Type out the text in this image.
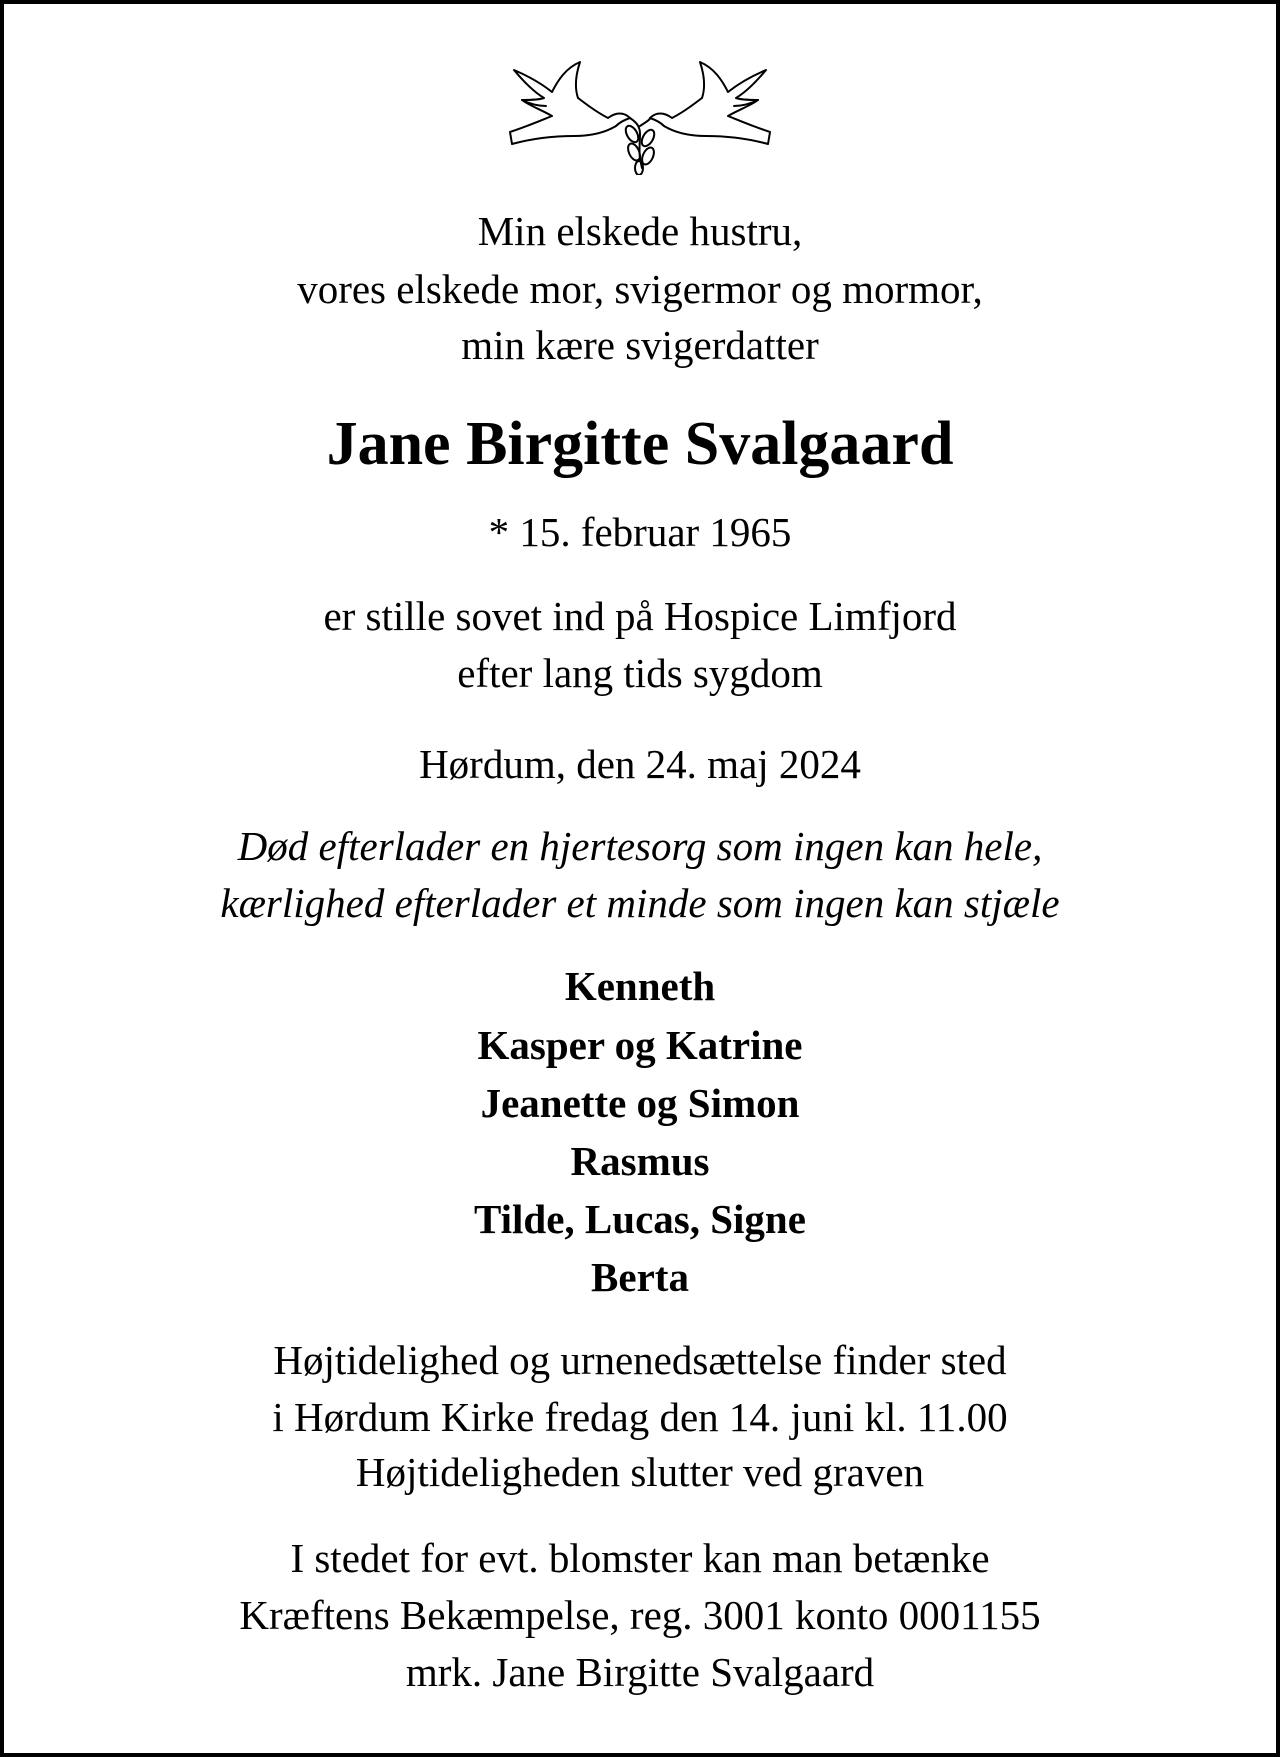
Min elskede hustru,
vores elskede mor, svigermor og mormor,
min kære svigerdatter
Jane Birgitte Svalgaard
* 15. februar 1965
er stille sovet ind på Hospice Limfjord
efter lang tids sygdom
Hørdum, den 24. maj 2024
Død efterlader en hjertesorg som ingen kan hele,
kærlighed efterlader et minde som ingen kan stjæle
Kenneth
Kasper og Katrine
Jeanette og Simon
Rasmus
Tilde, Lucas, Signe
Berta
Højtidelighed og urnenedsættelse finder sted
i Hørdum Kirke fredag den 14. juni kl. 11.00
Højtideligheden slutter ved graven
I stedet for evt. blomster kan man betænke
Kræftens Bekæmpelse, reg. 3001 konto 0001155
mrk. Jane Birgitte Svalgaard
